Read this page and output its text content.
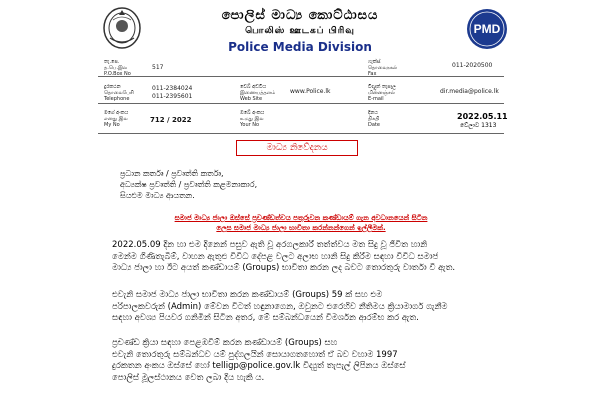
පොලිස් මාධ්‍ය කොට්ඨාසය
பொலிஸ் ஊடகப் பிரிவு
Police Media Division
PMD
තැ.පෙ.
த.பெ.இல
P.O.Box No
517
දුරකථන
தொலைபேசி
Telephone
011-2384024
011-2395601
මගේ අංකය
எனது இல
My No
712 / 2022
වෙබ් අඩවිය
இணையத்தளம்
Web Site
www.Police.lk
ඔබේ අංකය
உமது இல
Your No
ෆැක්ස්
தொலைநகல்
Fax
011-2020500
විද්‍යුත් තැපෑල
மின்னஞ்சல்
E-mail
dir.media@police.lk
දිනය
திகதி
Date
2022.05.11
වේලාව 1313
මාධ්‍ය නිවේදනය
ප්‍රධාන කර්තෘ / ප්‍රවෘත්ති කර්තෘ,
අධ්‍යක්ෂ ප්‍රවෘත්ති / ප්‍රවෘත්ති කළමනාකාර,
සියළුම මාධ්‍ය ආයතන.
සමාජ මාධ්‍ය ජාලා ඔස්සේ ප්‍රචණ්ඩත්වය පතුරුවන කණ්ඩායම් ගැන අවධානයෙන් සිටින
ලෙස සමාජ මාධ්‍ය ජාලා භාවිතා කරන්නන්ගෙන් ඉල්ලීමක්.
2022.05.09 දින හා එම දිනෙන් පසුව ඇති වූ අරගලකාරී තත්ත්වය මත සිදු වූ ජීවිත හානි
මෙන්ම ගිණිතැබීම්, වාහන ඇතුළු විවිධ දේපළ වලට අලාභ හානි සිදු කිරීම සඳහා විවිධ සමාජ
මාධ්‍ය ජාලා හා ඊට අයත් කණ්ඩායම් (Groups) භාවිතා කරන ලද බවට තොරතුරු වාර්තා වී ඇත.
එවැනි සමාජ මාධ්‍ය ජාලා භාවිතා කරන කණ්ඩායම් (Groups) 59 ක් සහ එම
පරිපාලකවරුන් (Admin) මේවන විටත් හඳුනාගෙන, ඔවුනට එරෙහිව නීතිමය ක්‍රියාමාර්ග ගැනීම
සඳහා අවශ්‍ය පියවර ගනිමින් සිටින අතර, මේ සම්බන්ධයෙන් විමර්ශන ආරම්භ කර ඇත.
ප්‍රචණ්ඩ ක්‍රියා සඳහා පෙළඹවීම් කරන කණ්ඩායම් (Groups) සහ
එවැනි තොරතුරු සම්බන්ධව යම් පුද්ගලයින් සොයාගතහොත් ඒ බව වහාම 1997
දුරකතන අංකය ඔස්සේ හෝ telligp@police.gov.lk විද්‍යුත් තැපැල් ලිපිනය ඔස්සේ
පොලිස් මූලස්ථානය වෙත ලබා දිය හැකි ය.
